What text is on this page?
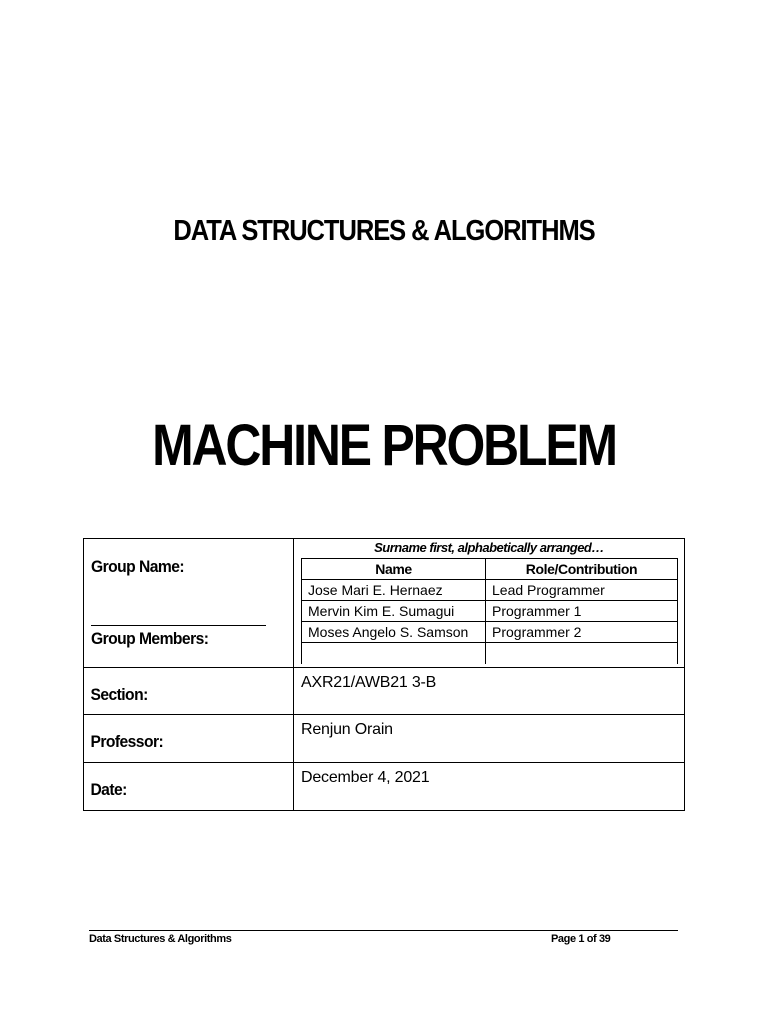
DATA STRUCTURES & ALGORITHMS
MACHINE PROBLEM
Group Name:
Group Members:

Surname first, alphabetically arranged…
Name	Role/Contribution
Jose Mari E. Hernaez	Lead Programmer
Mervin Kim E. Sumagui	Programmer 1
Moses Angelo S. Samson	Programmer 2

Section:

AXR21/AWB21 3-B

Professor:

Renjun Orain

Date:

December 4, 2021
Data Structures & Algorithms	Page 1 of 39
